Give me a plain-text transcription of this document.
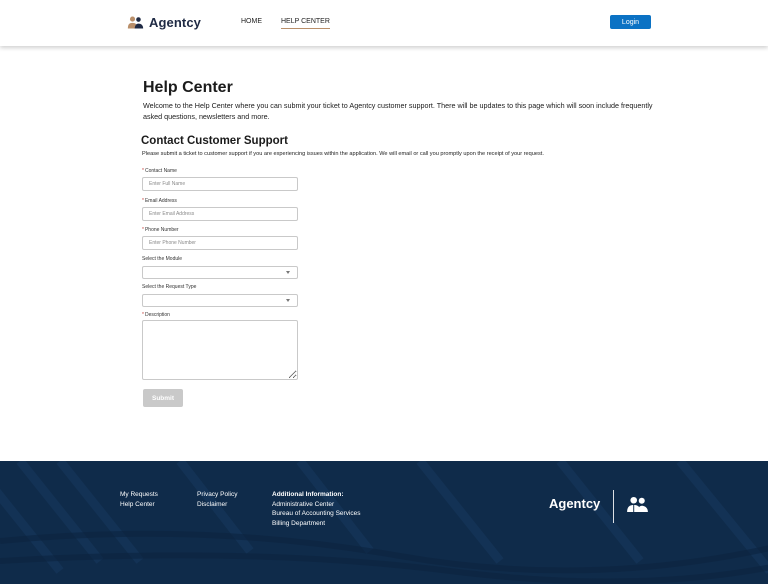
Agentcy	HOME	HELP CENTER	Login
Help Center
Welcome to the Help Center where you can submit your ticket to Agentcy customer support. There will be updates to this page which will soon include frequently asked questions, newsletters and more.
Contact Customer Support
Please submit a ticket to customer support if you are experiencing issues within the application. We will email or call you promptly upon the receipt of your request.
*Contact Name
Enter Full Name
*Email Address
Enter Email Address
*Phone Number
Enter Phone Number
Select the Module
Select the Request Type
*Description
Submit
My Requests
Help Center
Privacy Policy
Disclaimer
Additional Information:
Administrative Center
Bureau of Accounting Services
Billing Department
Agentcy
